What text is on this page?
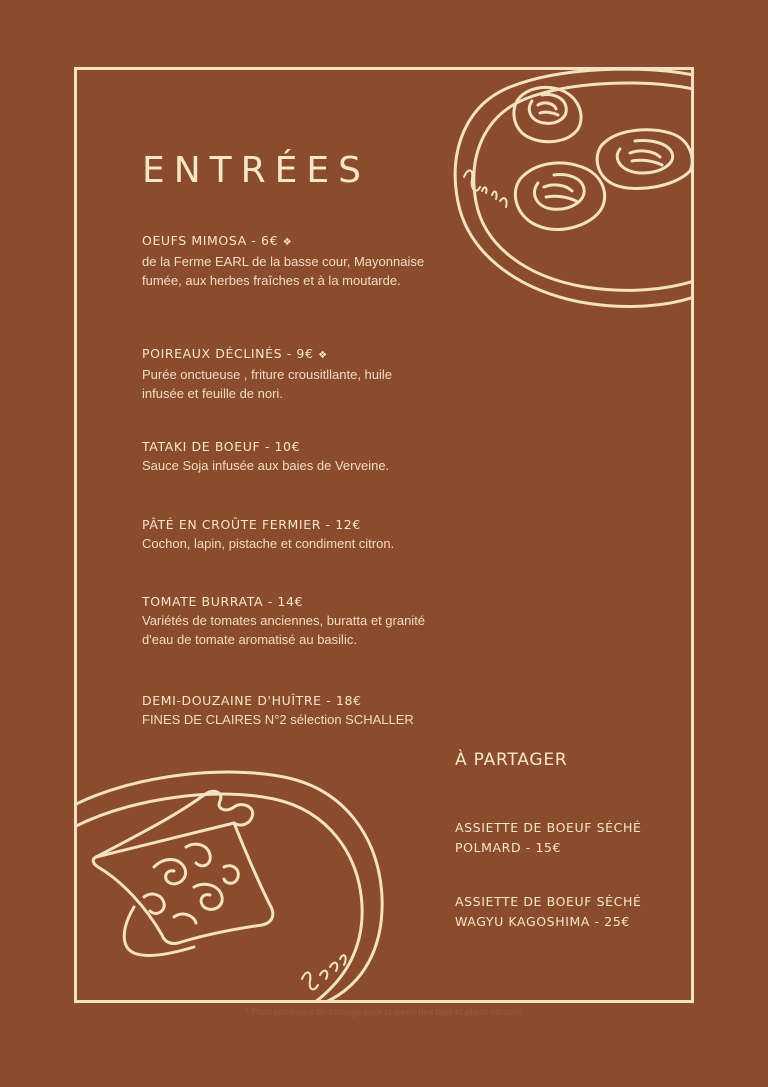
ENTRÉES
OEUFS MIMOSA - 6€ ❖
de la Ferme EARL de la basse cour, Mayonnaise fumée, aux herbes fraîches et à la moutarde.
POIREAUX DÉCLINÉS - 9€ ❖
Purée onctueuse , friture crousitllante, huile infusée et feuille de nori.
TATAKI DE BOEUF - 10€
Sauce Soja infusée aux baies de Verveine.
PÂTÉ EN CROÛTE FERMIER - 12€
Cochon, lapin, pistache et condiment citron.
TOMATE BURRATA - 14€
Variétés de tomates anciennes, buratta et granité d'eau de tomate aromatisé au basilic.
DEMI-DOUZAINE D'HUÎTRE - 18€
FINES DE CLAIRES N°2 sélection SCHALLER
À PARTAGER
ASSIETTE DE BOEUF SÉCHÉ
POLMARD - 15€
ASSIETTE DE BOEUF SÉCHÉ
WAGYU KAGOSHIMA - 25€
* Plats contenant du fromage pour la santé des fans et plaisir complet
